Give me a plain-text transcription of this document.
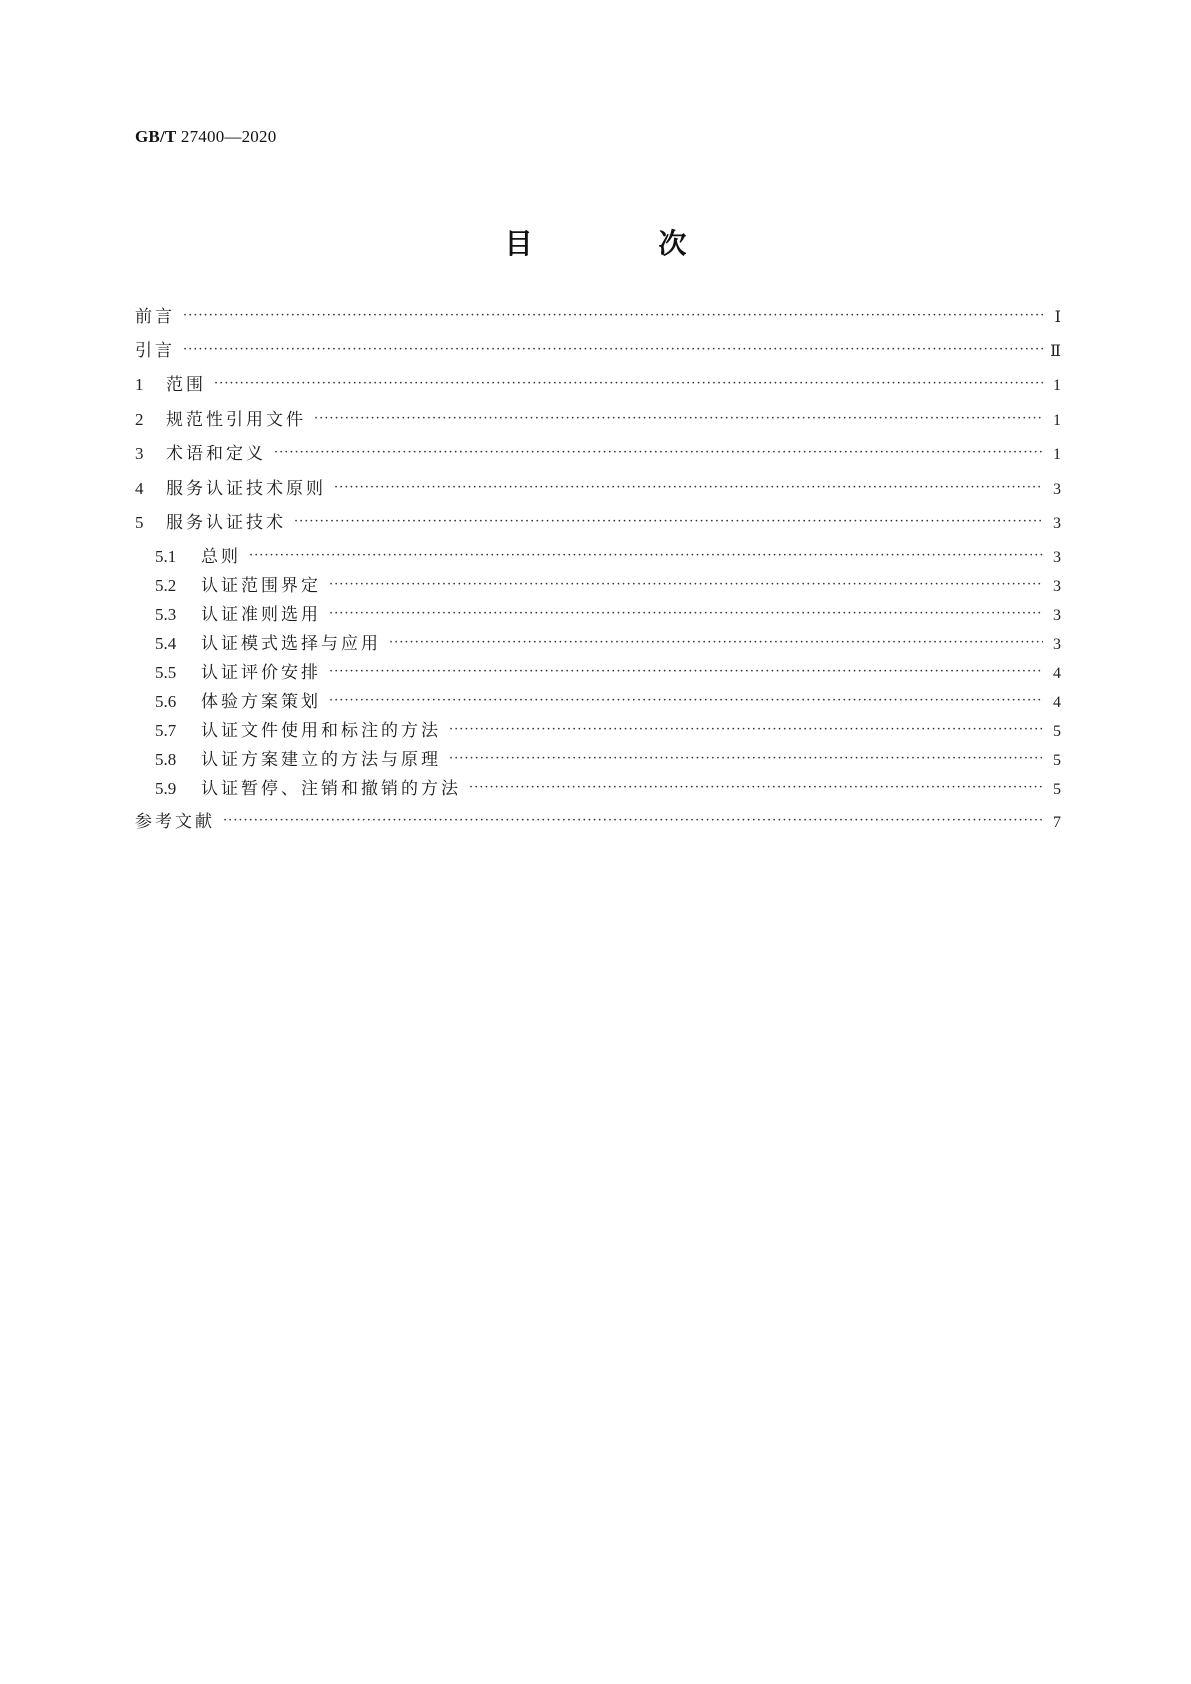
GB/T 27400—2020
目 次
前言 ·····	Ⅰ
引言 ·····	Ⅱ
1	范围 ·····	1
2	规范性引用文件 ·····	1
3	术语和定义 ·····	1
4	服务认证技术原则 ·····	3
5	服务认证技术 ·····	3
5.1	总则 ·····	3
5.2	认证范围界定 ·····	3
5.3	认证准则选用 ·····	3
5.4	认证模式选择与应用 ·····	3
5.5	认证评价安排 ·····	4
5.6	体验方案策划 ·····	4
5.7	认证文件使用和标注的方法 ·····	5
5.8	认证方案建立的方法与原理 ·····	5
5.9	认证暂停、注销和撤销的方法 ·····	5
参考文献 ·····	7
